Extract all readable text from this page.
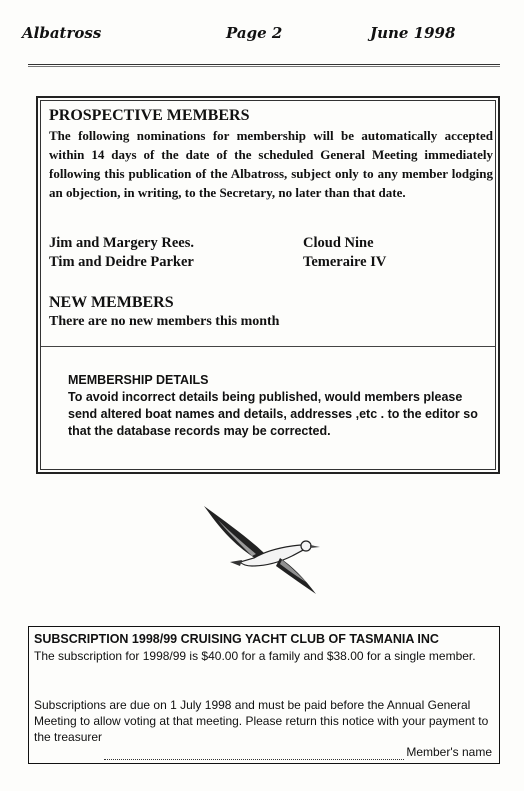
Albatross	Page 2	June 1998
PROSPECTIVE MEMBERS
The following nominations for membership will be automatically accepted within 14 days of the date of the scheduled General Meeting immediately following this publication of the Albatross, subject only to any member lodging an objection, in writing, to the Secretary, no later than that date.
Jim and Margery Rees.	Cloud Nine
Tim and Deidre Parker	Temeraire IV
NEW MEMBERS
There are no new members this month
MEMBERSHIP DETAILS
To avoid incorrect details being published, would members please send altered boat names and details, addresses ,etc . to the editor so that the database records may be corrected.
SUBSCRIPTION 1998/99 CRUISING YACHT CLUB OF TASMANIA INC
The subscription for 1998/99 is $40.00 for a family and $38.00 for a single member.
Subscriptions are due on 1 July 1998 and must be paid before the Annual General Meeting to allow voting at that meeting. Please return this notice with your payment to the treasurer
Member's name
